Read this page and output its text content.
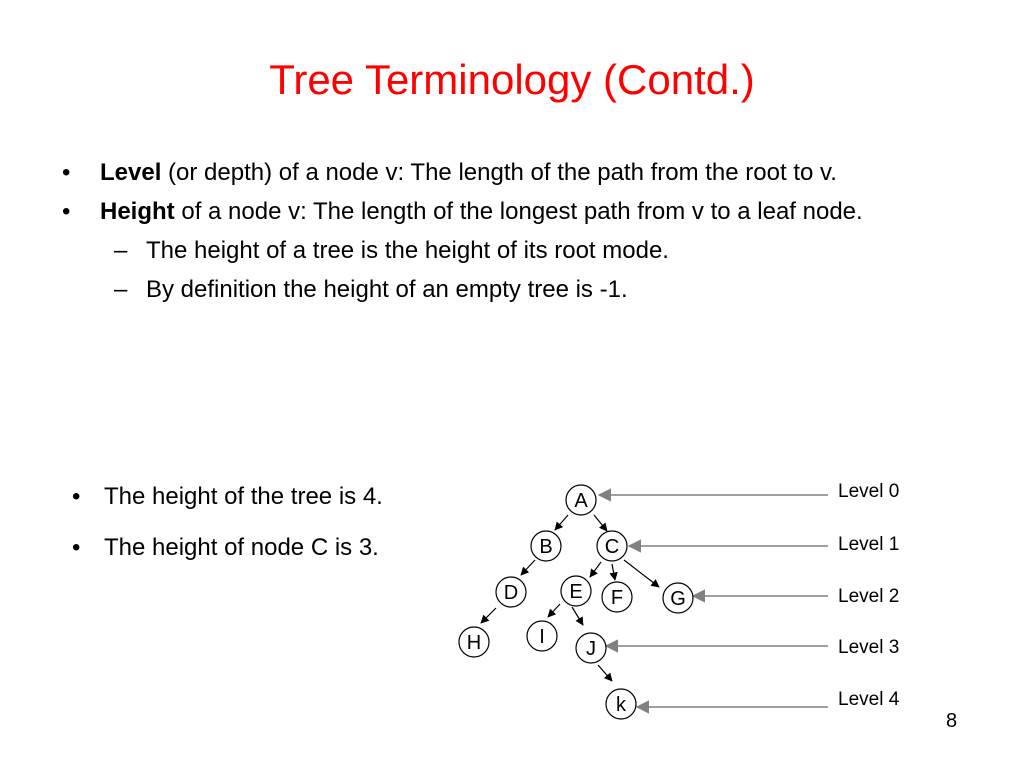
Tree Terminology (Contd.)
• Level (or depth) of a node v: The length of the path from the root to v.
• Height of a node v: The length of the longest path from v to a leaf node.
– The height of a tree is the height of its root mode.
– By definition the height of an empty tree is -1.
• The height of the tree is 4.
• The height of node C is 3.
A
B	C
D	E F G
H	I
J
k
Level 0
Level 1
Level 2
Level 3
Level 4
8
